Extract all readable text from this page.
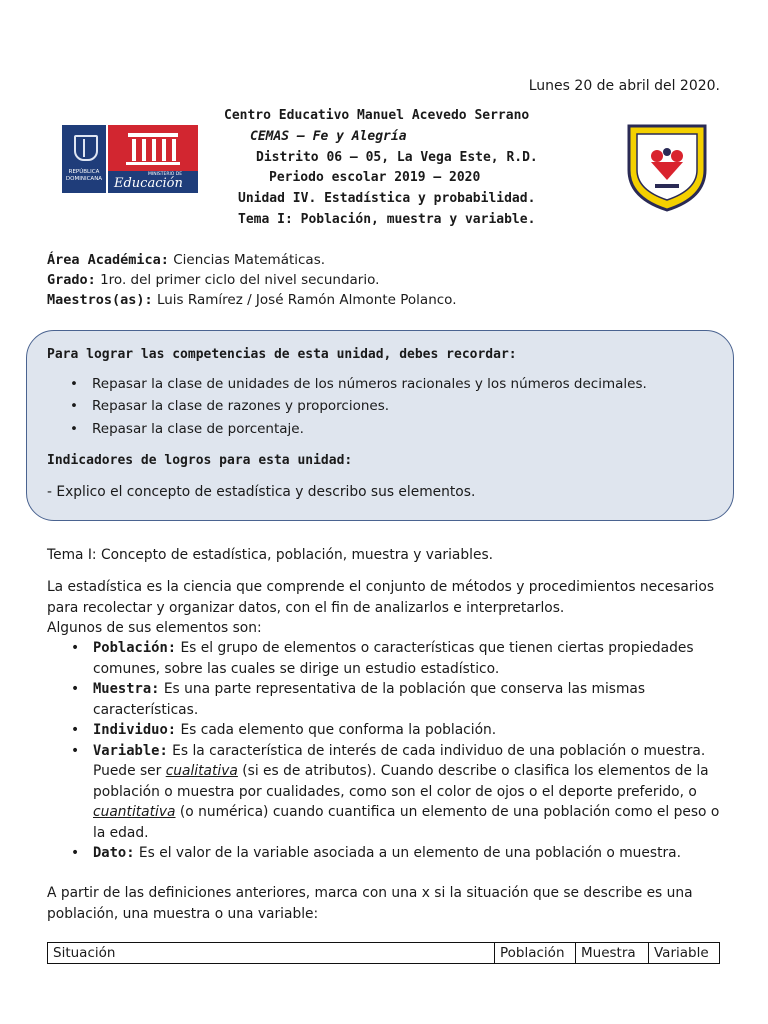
Lunes 20 de abril del 2020.
Centro Educativo Manuel Acevedo Serrano
CEMAS – Fe y Alegría
Distrito 06 – 05, La Vega Este, R.D.
Periodo escolar 2019 – 2020
Unidad IV. Estadística y probabilidad.
Tema I: Población, muestra y variable.
REPÚBLICA
DOMINICANA
MINISTERIO DE
Educación
Área Académica: Ciencias Matemáticas.
Grado: 1ro. del primer ciclo del nivel secundario.
Maestros(as): Luis Ramírez / José Ramón Almonte Polanco.
Para lograr las competencias de esta unidad, debes recordar:
• Repasar la clase de unidades de los números racionales y los números decimales.
• Repasar la clase de razones y proporciones.
• Repasar la clase de porcentaje.
Indicadores de logros para esta unidad:
- Explico el concepto de estadística y describo sus elementos.
Tema I: Concepto de estadística, población, muestra y variables.
La estadística es la ciencia que comprende el conjunto de métodos y procedimientos necesarios para recolectar y organizar datos, con el fin de analizarlos e interpretarlos.
Algunos de sus elementos son:
• Población: Es el grupo de elementos o características que tienen ciertas propiedades comunes, sobre las cuales se dirige un estudio estadístico.
• Muestra: Es una parte representativa de la población que conserva las mismas características.
• Individuo: Es cada elemento que conforma la población.
• Variable: Es la característica de interés de cada individuo de una población o muestra. Puede ser cualitativa (si es de atributos). Cuando describe o clasifica los elementos de la población o muestra por cualidades, como son el color de ojos o el deporte preferido, o cuantitativa (o numérica) cuando cuantifica un elemento de una población como el peso o la edad.
• Dato: Es el valor de la variable asociada a un elemento de una población o muestra.
A partir de las definiciones anteriores, marca con una x si la situación que se describe es una población, una muestra o una variable:
Situación	Población	Muestra	Variable
